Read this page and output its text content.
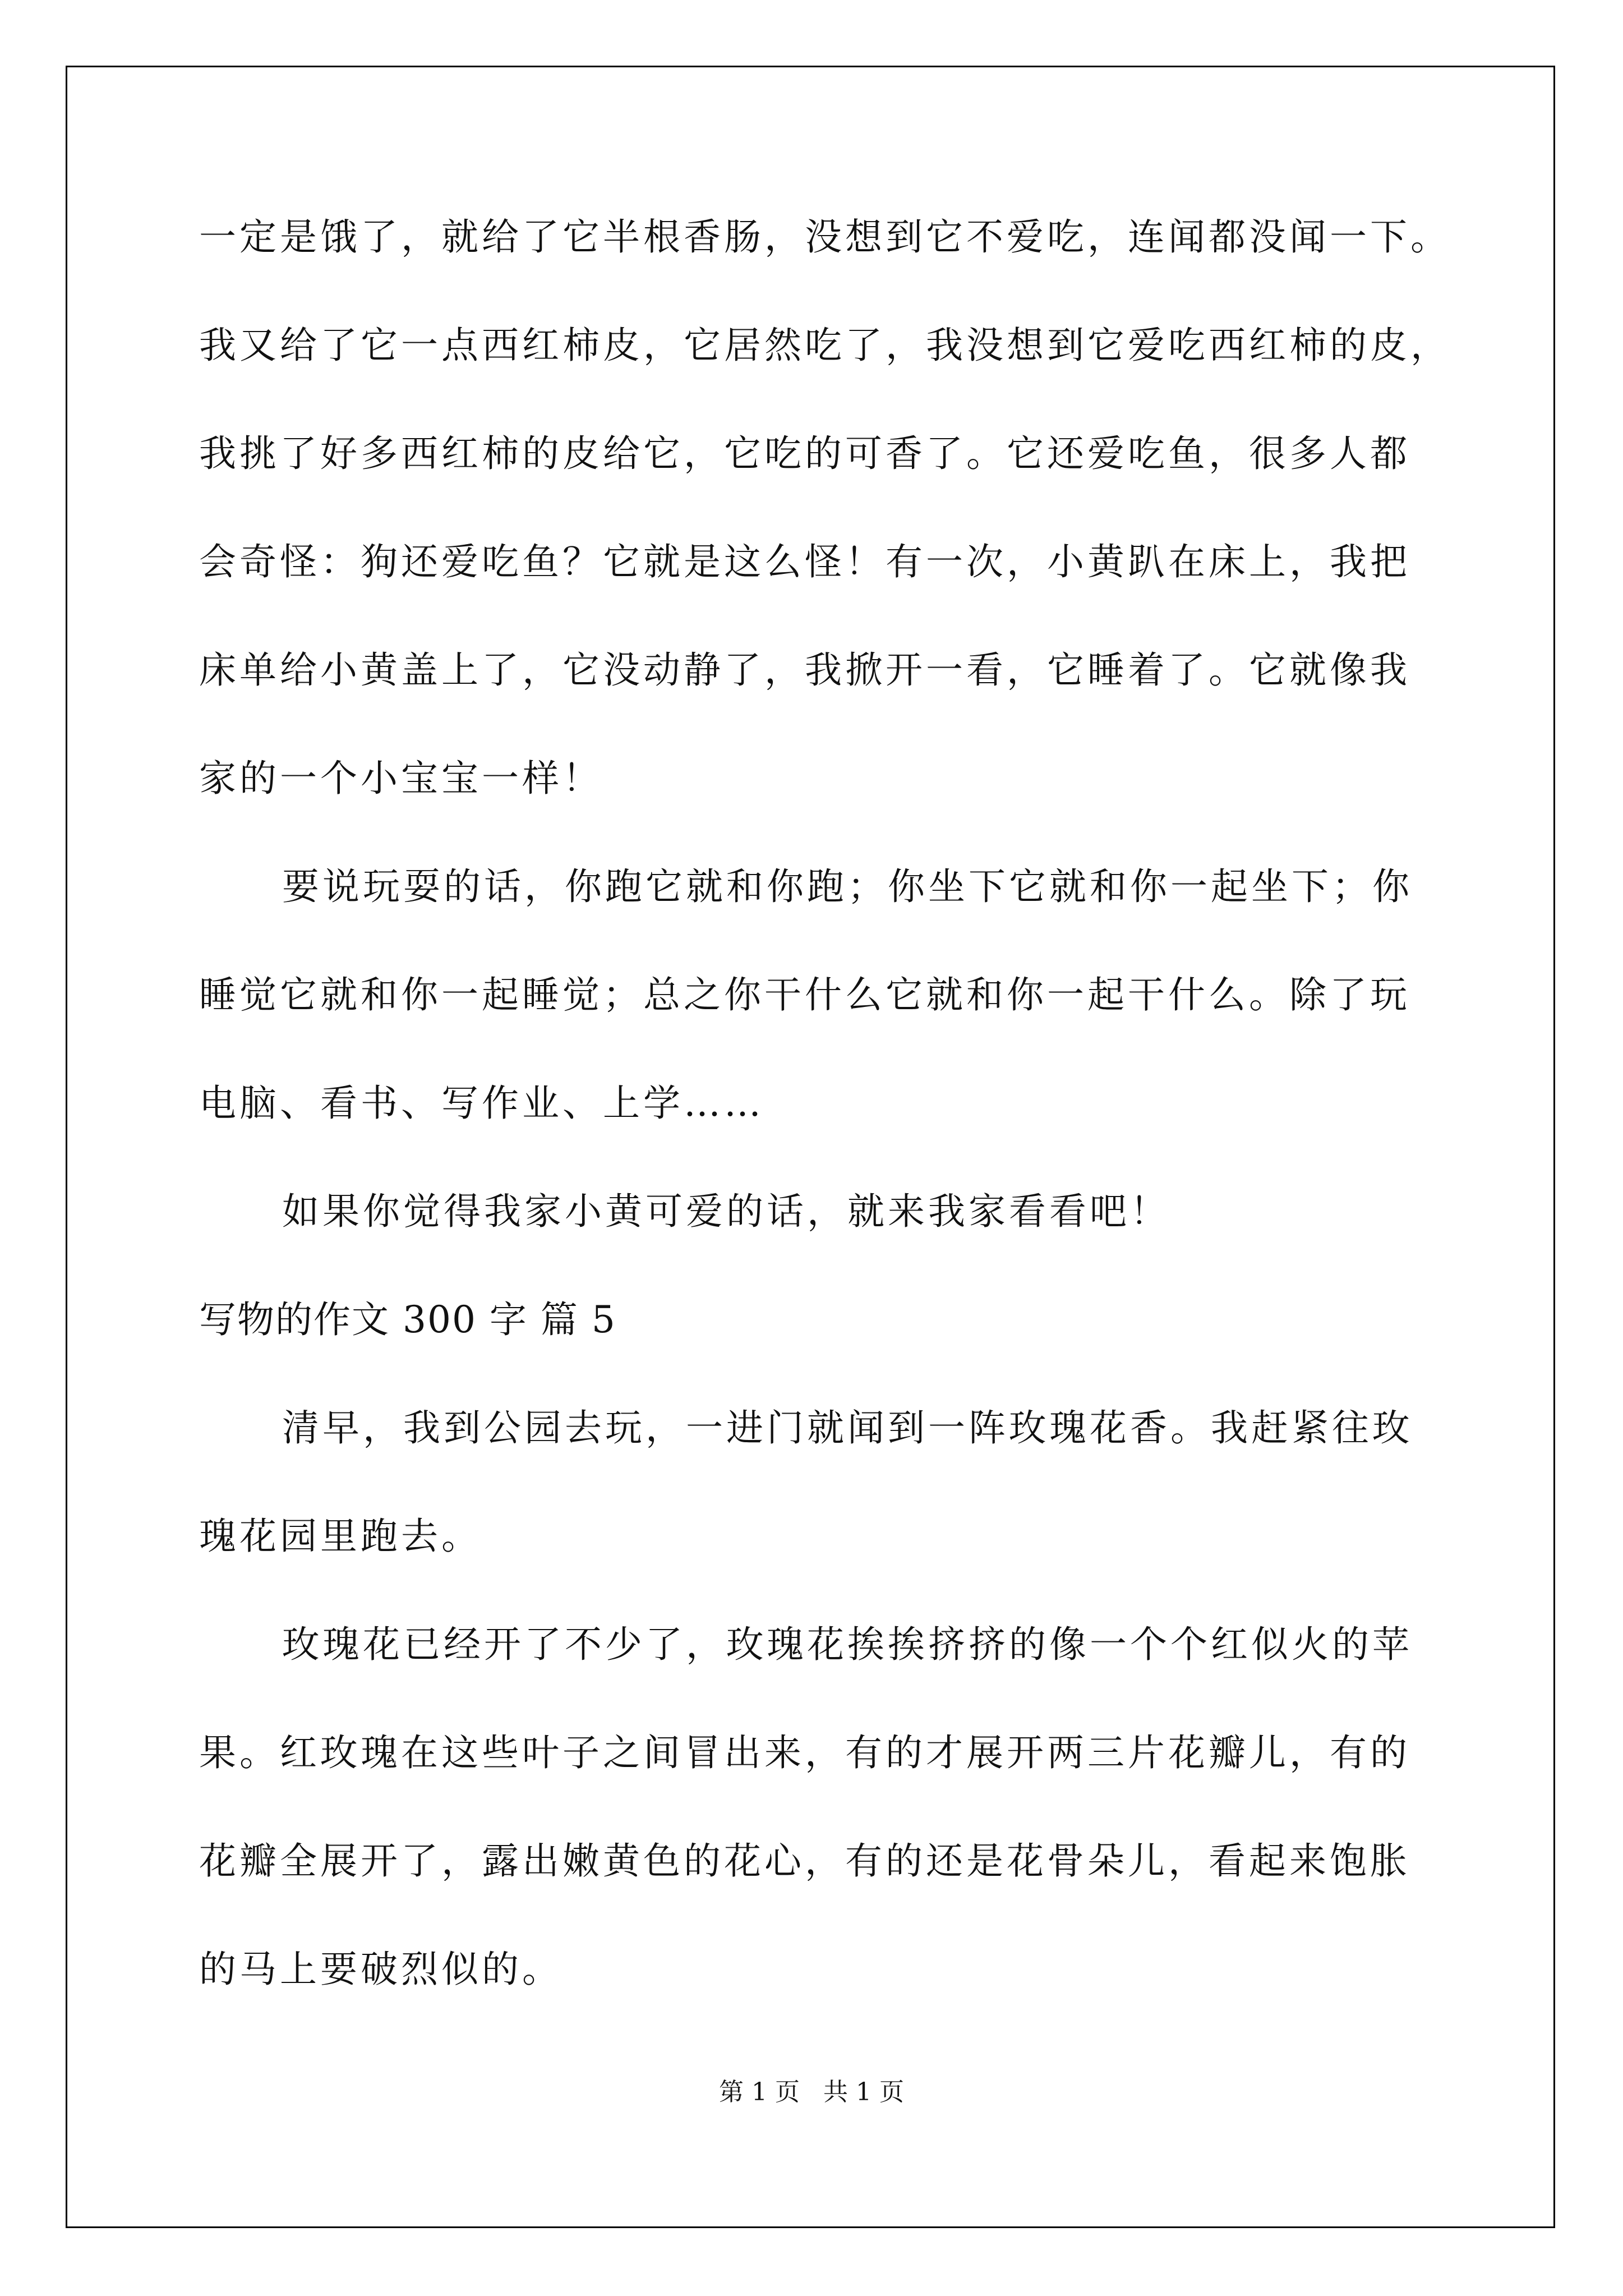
一定是饿了，就给了它半根香肠，没想到它不爱吃，连闻都没闻一下。
我又给了它一点西红柿皮，它居然吃了，我没想到它爱吃西红柿的皮，
我挑了好多西红柿的皮给它，它吃的可香了。它还爱吃鱼，很多人都
会奇怪：狗还爱吃鱼？它就是这么怪！有一次，小黄趴在床上，我把
床单给小黄盖上了，它没动静了，我掀开一看，它睡着了。它就像我
家的一个小宝宝一样！
要说玩耍的话，你跑它就和你跑；你坐下它就和你一起坐下；你
睡觉它就和你一起睡觉；总之你干什么它就和你一起干什么。除了玩
电脑、看书、写作业、上学……
如果你觉得我家小黄可爱的话，就来我家看看吧！
写物的作文 300 字 篇 5
清早，我到公园去玩，一进门就闻到一阵玫瑰花香。我赶紧往玫
瑰花园里跑去。
玫瑰花已经开了不少了，玫瑰花挨挨挤挤的像一个个红似火的苹
果。红玫瑰在这些叶子之间冒出来，有的才展开两三片花瓣儿，有的
花瓣全展开了，露出嫩黄色的花心，有的还是花骨朵儿，看起来饱胀
的马上要破烈似的。
第 1 页   共 1 页
